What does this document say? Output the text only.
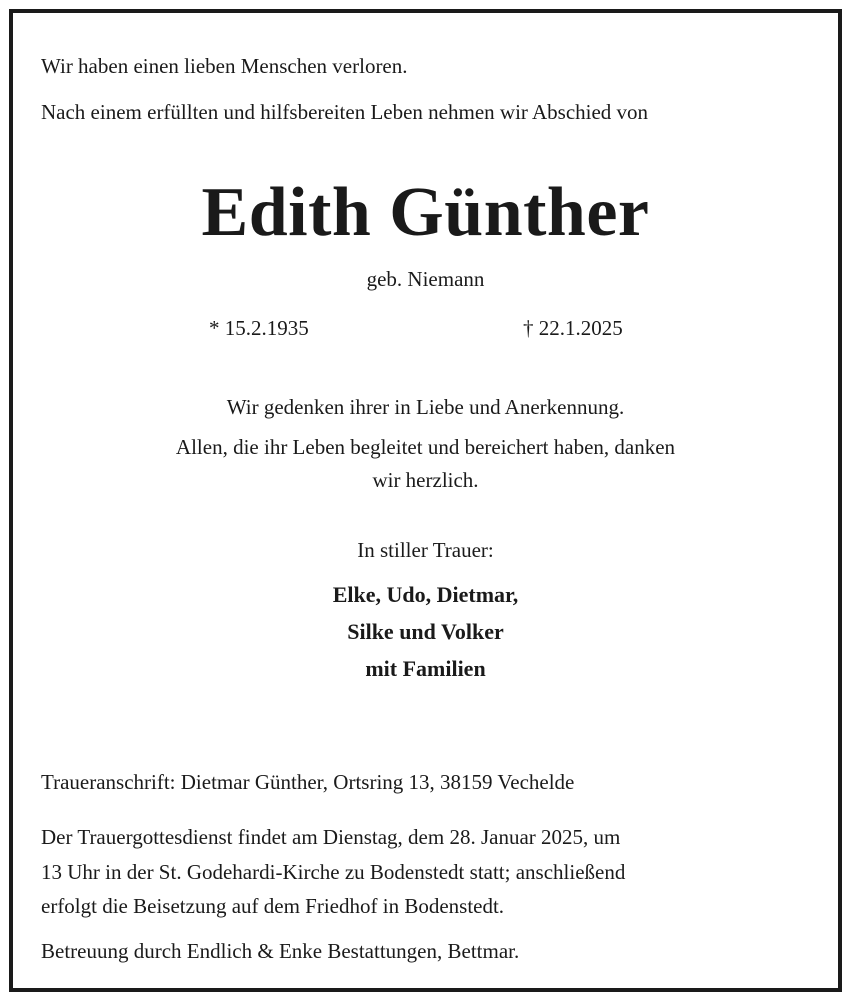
Wir haben einen lieben Menschen verloren.
Nach einem erfüllten und hilfsbereiten Leben nehmen wir Abschied von
Edith Günther
geb. Niemann
* 15.2.1935	† 22.1.2025
Wir gedenken ihrer in Liebe und Anerkennung.
Allen, die ihr Leben begleitet und bereichert haben, danken
wir herzlich.
In stiller Trauer:
Elke, Udo, Dietmar,
Silke und Volker
mit Familien
Traueranschrift: Dietmar Günther, Ortsring 13, 38159 Vechelde
Der Trauergottesdienst findet am Dienstag, dem 28. Januar 2025, um
13 Uhr in der St. Godehardi-Kirche zu Bodenstedt statt; anschließend
erfolgt die Beisetzung auf dem Friedhof in Bodenstedt.
Betreuung durch Endlich & Enke Bestattungen, Bettmar.
